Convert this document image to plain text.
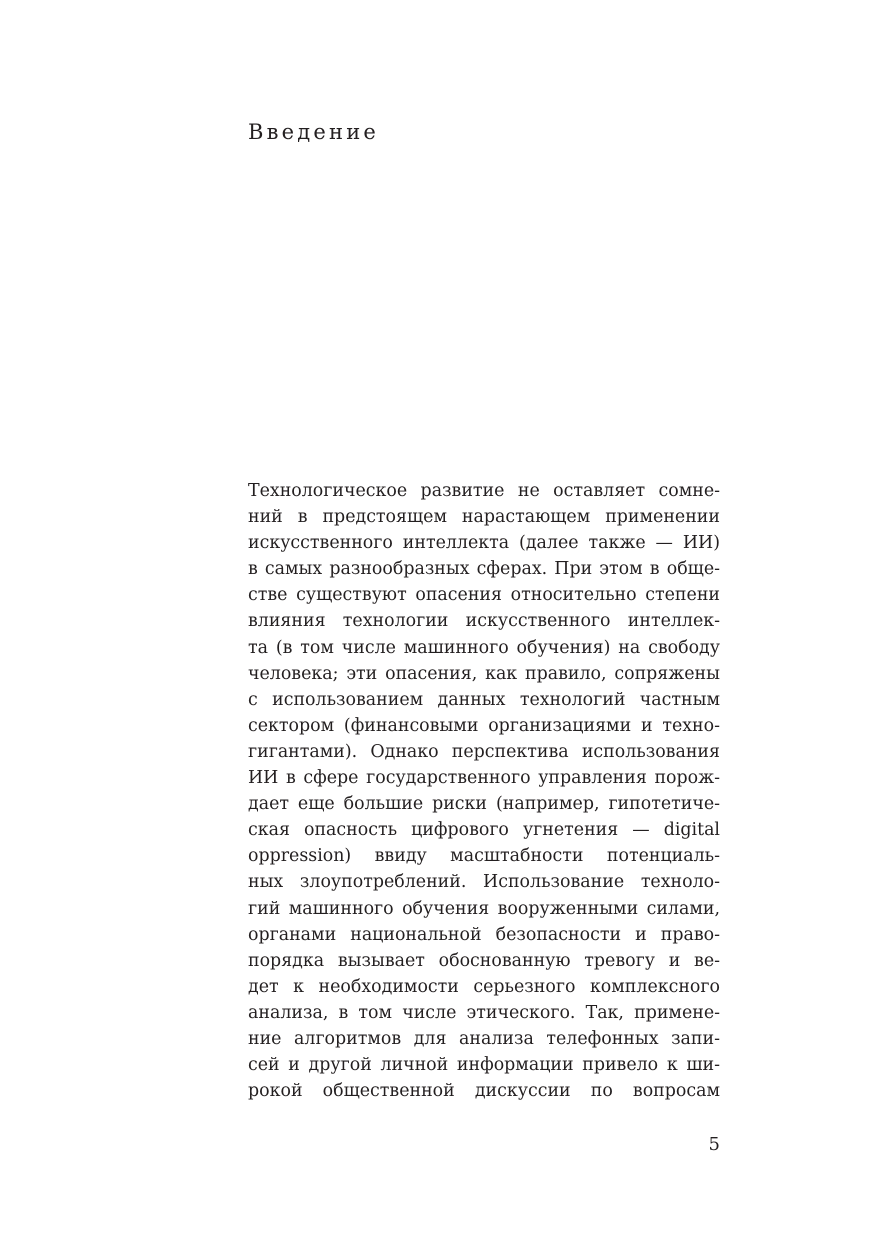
Введение
Технологическое развитие не оставляет сомне-
ний в предстоящем нарастающем применении
искусственного интеллекта (далее также — ИИ)
в самых разнообразных сферах. При этом в обще-
стве существуют опасения относительно степени
влияния технологии искусственного интеллек-
та (в том числе машинного обучения) на свободу
человека; эти опасения, как правило, сопряжены
с использованием данных технологий частным
сектором (финансовыми организациями и техно-
гигантами). Однако перспектива использования
ИИ в сфере государственного управления порож-
дает еще большие риски (например, гипотетиче-
ская опасность цифрового угнетения — digital
oppression) ввиду масштабности потенциаль-
ных злоупотреблений. Использование техноло-
гий машинного обучения вооруженными силами,
органами национальной безопасности и право-
порядка вызывает обоснованную тревогу и ве-
дет к необходимости серьезного комплексного
анализа, в том числе этического. Так, примене-
ние алгоритмов для анализа телефонных запи-
сей и другой личной информации привело к ши-
рокой общественной дискуссии по вопросам
5
